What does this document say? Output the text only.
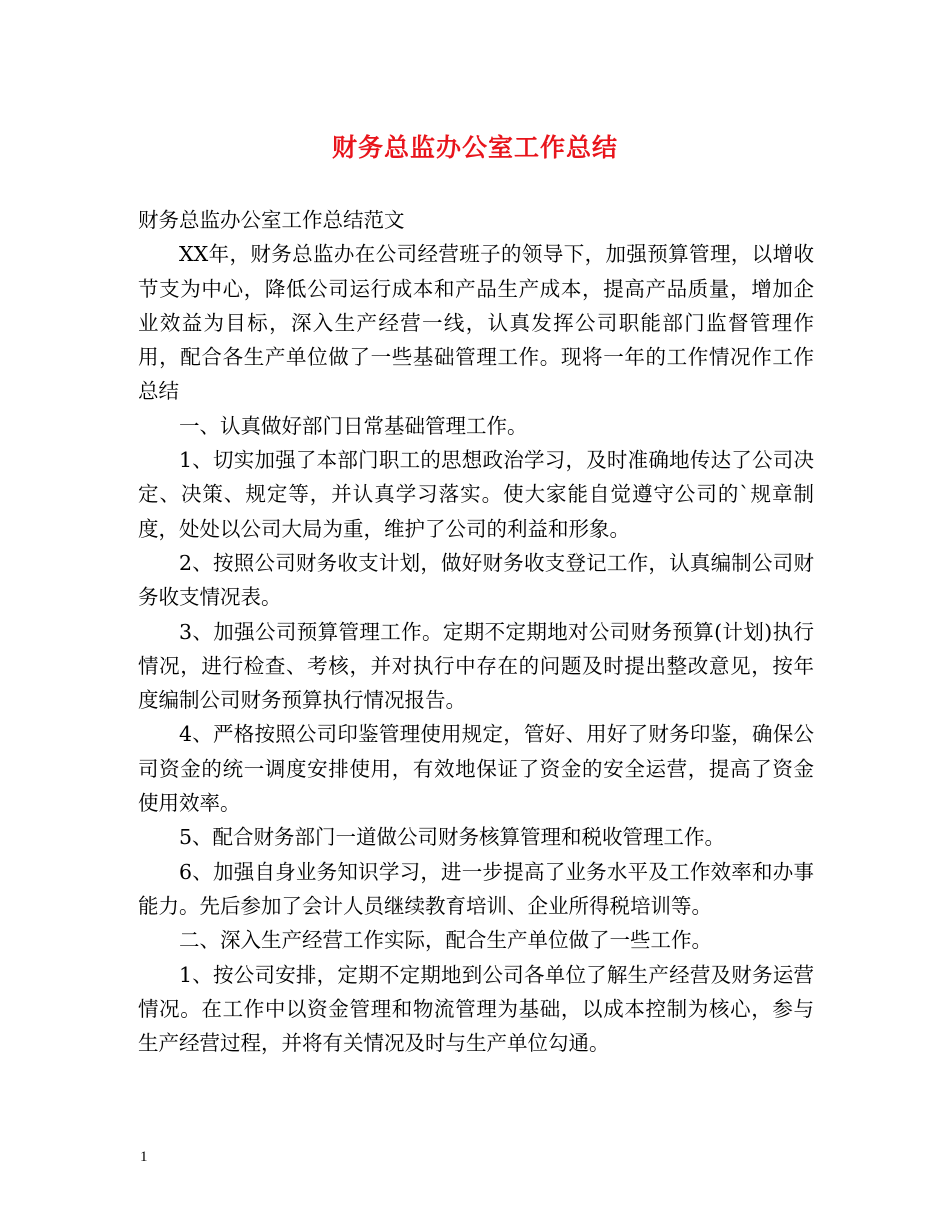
财务总监办公室工作总结

财务总监办公室工作总结范文

XX年，财务总监办在公司经营班子的领导下，加强预算管理，以增收节支为中心，降低公司运行成本和产品生产成本，提高产品质量，增加企业效益为目标，深入生产经营一线，认真发挥公司职能部门监督管理作用，配合各生产单位做了一些基础管理工作。现将一年的工作情况作工作总结

一、认真做好部门日常基础管理工作。

1、切实加强了本部门职工的思想政治学习，及时准确地传达了公司决定、决策、规定等，并认真学习落实。使大家能自觉遵守公司的`规章制度，处处以公司大局为重，维护了公司的利益和形象。

2、按照公司财务收支计划，做好财务收支登记工作，认真编制公司财务收支情况表。

3、加强公司预算管理工作。定期不定期地对公司财务预算(计划)执行情况，进行检查、考核，并对执行中存在的问题及时提出整改意见，按年度编制公司财务预算执行情况报告。

4、严格按照公司印鉴管理使用规定，管好、用好了财务印鉴，确保公司资金的统一调度安排使用，有效地保证了资金的安全运营，提高了资金使用效率。

5、配合财务部门一道做公司财务核算管理和税收管理工作。

6、加强自身业务知识学习，进一步提高了业务水平及工作效率和办事能力。先后参加了会计人员继续教育培训、企业所得税培训等。

二、深入生产经营工作实际，配合生产单位做了一些工作。

1、按公司安排，定期不定期地到公司各单位了解生产经营及财务运营情况。在工作中以资金管理和物流管理为基础，以成本控制为核心，参与生产经营过程，并将有关情况及时与生产单位勾通。

1
